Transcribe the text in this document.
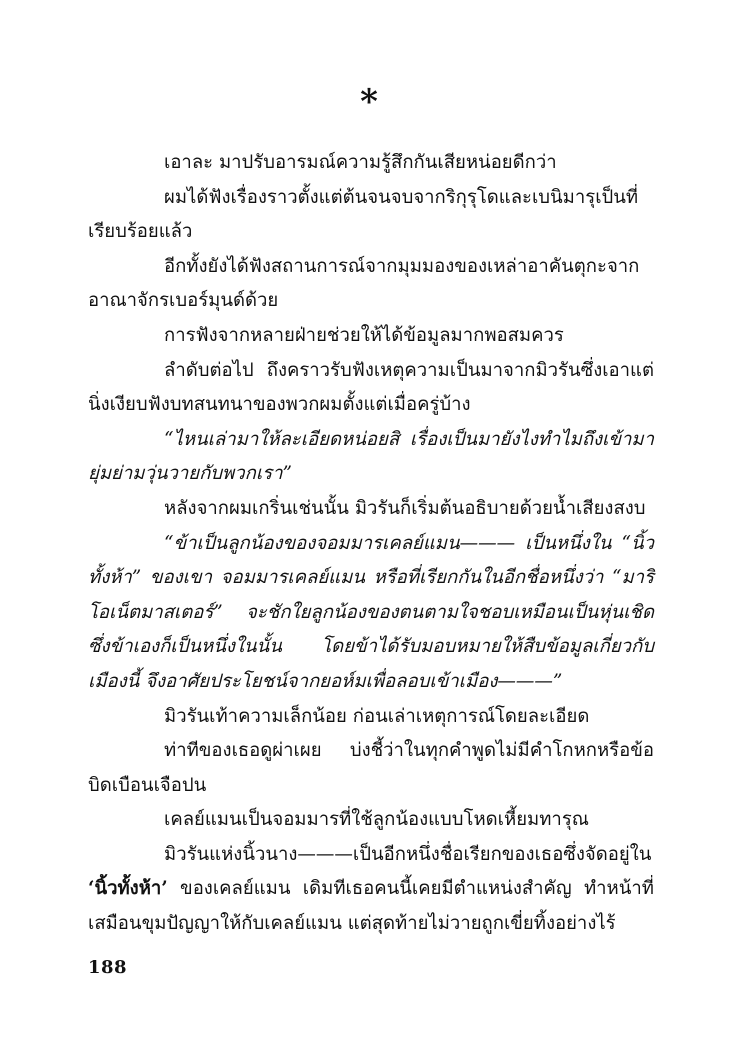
*

เอาละ มาปรับอารมณ์ความรู้สึกกันเสียหน่อยดีกว่า

ผมได้ฟังเรื่องราวตั้งแต่ต้นจนจบจากริกุรุโดและเบนิมารุเป็นที่เรียบร้อยแล้ว

อีกทั้งยังได้ฟังสถานการณ์จากมุมมองของเหล่าอาคันตุกะจากอาณาจักรเบอร์มุนด์ด้วย

การฟังจากหลายฝ่ายช่วยให้ได้ข้อมูลมากพอสมควร

ลำดับต่อไป ถึงคราวรับฟังเหตุความเป็นมาจากมิวรันซึ่งเอาแต่นิ่งเงียบฟังบทสนทนาของพวกผมตั้งแต่เมื่อครู่บ้าง

“ไหนเล่ามาให้ละเอียดหน่อยสิ เรื่องเป็นมายังไงทำไมถึงเข้ามายุ่มย่ามวุ่นวายกับพวกเรา”

หลังจากผมเกริ่นเช่นนั้น มิวรันก็เริ่มต้นอธิบายด้วยน้ำเสียงสงบ

“ข้าเป็นลูกน้องของจอมมารเคลย์แมน——— เป็นหนึ่งใน “นิ้วทั้งห้า” ของเขา จอมมารเคลย์แมน หรือที่เรียกกันในอีกชื่อหนึ่งว่า “มาริโอเน็ตมาสเตอร์” จะชักใยลูกน้องของตนตามใจชอบเหมือนเป็นหุ่นเชิด ซึ่งข้าเองก็เป็นหนึ่งในนั้น โดยข้าได้รับมอบหมายให้สืบข้อมูลเกี่ยวกับเมืองนี้ จึงอาศัยประโยชน์จากยอห์มเพื่อลอบเข้าเมือง———”

มิวรันเท้าความเล็กน้อย ก่อนเล่าเหตุการณ์โดยละเอียด

ท่าทีของเธอดูผ่าเผย บ่งชี้ว่าในทุกคำพูดไม่มีคำโกหกหรือข้อบิดเบือนเจือปน

เคลย์แมนเป็นจอมมารที่ใช้ลูกน้องแบบโหดเหี้ยมทารุณ

มิวรันแห่งนิ้วนาง———เป็นอีกหนึ่งชื่อเรียกของเธอซึ่งจัดอยู่ใน ‘นิ้วทั้งห้า’ ของเคลย์แมน เดิมทีเธอคนนี้เคยมีตำแหน่งสำคัญ ทำหน้าที่เสมือนขุมปัญญาให้กับเคลย์แมน แต่สุดท้ายไม่วายถูกเขี่ยทิ้งอย่างไร้

188
